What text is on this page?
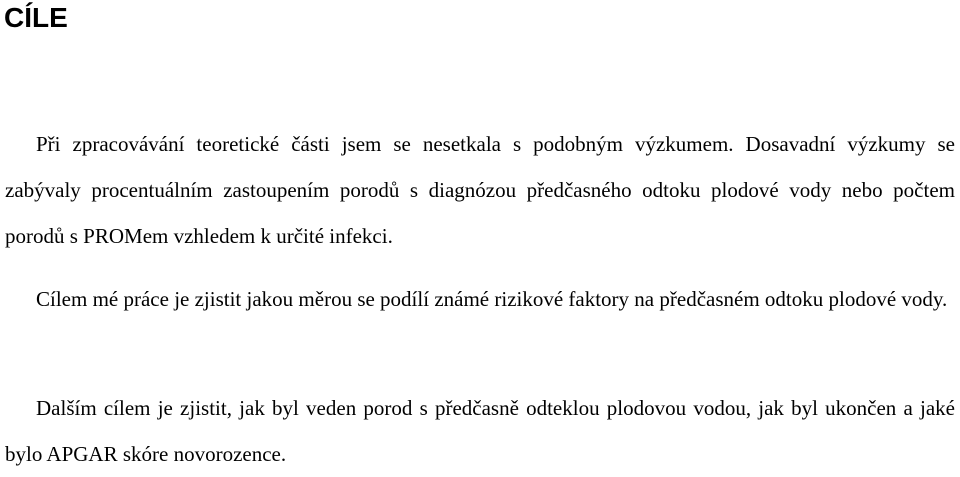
CÍLE

Při zpracovávání teoretické části jsem se nesetkala s podobným výzkumem. Dosavadní výzkumy se zabývaly procentuálním zastoupením porodů s diagnózou předčasného odtoku plodové vody nebo počtem porodů s PROMem vzhledem k určité infekci.

Cílem mé práce je zjistit jakou měrou se podílí známé rizikové faktory na předčasném odtoku plodové vody.

Dalším cílem je zjistit, jak byl veden porod s předčasně odteklou plodovou vodou, jak byl ukončen a jaké bylo APGAR skóre novorozence.
